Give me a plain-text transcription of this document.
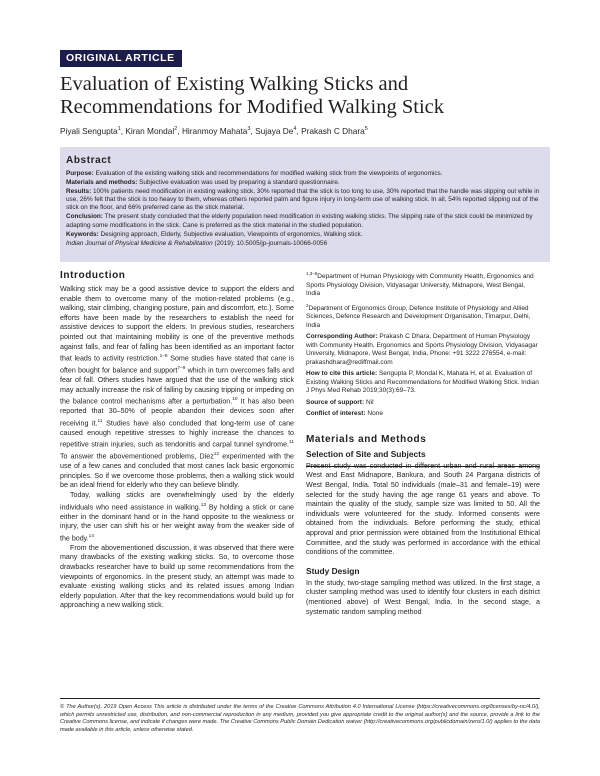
ORIGINAL ARTICLE
Evaluation of Existing Walking Sticks and Recommendations for Modified Walking Stick
Piyali Sengupta$^1$, Kiran Mondal$^2$, Hiranmoy Mahata$^3$, Sujaya De$^4$, Prakash C Dhara$^5$
Abstract

Purpose: Evaluation of the existing walking stick and recommendations for modified walking stick from the viewpoints of ergonomics.

Materials and methods: Subjective evaluation was used by preparing a standard questionnaire.

Results: 100% patients need modification in existing walking stick, 30% reported that the stick is too long to use, 30% reported that the handle was slipping out while in use, 26% felt that the stick is too heavy to them, whereas others reported palm and figure injury in long-term use of walking stick. In all, 54% reported slipping out of the stick on the floor, and 66% preferred cane as the stick material.

Conclusion: The present study concluded that the elderly population need modification in existing walking sticks. The slipping rate of the stick could be minimized by adapting some modifications in the stick. Cane is preferred as the stick material in the studied population.

Keywords: Designing approach, Elderly, Subjective evaluation, Viewpoints of ergonomics, Walking stick.

Indian Journal of Physical Medicine & Rehabilitation (2019): 10.5005/jp-journals-10066-0056

Introduction

Walking stick may be a good assistive device to support the elders and enable them to overcome many of the motion-related problems (e.g., walking, stair climbing, changing posture, pain and discomfort, etc.). Some efforts have been made by the researchers to establish the need for assistive devices to support the elders. In previous studies, researchers pointed out that maintaining mobility is one of the preventive methods against falls, and fear of falling has been identified as an important factor that leads to activity restriction.$^{1-6}$ Some studies have stated that cane is often bought for balance and support$^{7-9}$ which in turn overcomes falls and fear of fall. Others studies have argued that the use of the walking stick may actually increase the risk of falling by causing tripping or impeding on the balance control mechanisms after a perturbation.$^{10}$ It has also been reported that 30–50% of people abandon their devices soon after receiving it.$^{11}$ Studies have also concluded that long-term use of cane caused enough repetitive stresses to highly increase the chances to repetitive strain injuries, such as tendonitis and carpal tunnel syndrome.$^{11}$ To answer the abovementioned problems, Diez$^{12}$ experimented with the use of a few canes and concluded that most canes lack basic ergonomic principles. So if we overcome those problems, then a walking stick would be an ideal friend for elderly who they can believe blindly.

Today, walking sticks are overwhelmingly used by the elderly individuals who need assistance in walking.$^{13}$ By holding a stick or cane either in the dominant hand or in the hand opposite to the weakness or injury, the user can shift his or her weight away from the weaker side of the body.$^{14}$

From the abovementioned discussion, it was observed that there were many drawbacks of the existing walking sticks. So, to overcome those drawbacks researcher have to build up some recommendations from the viewpoints of ergonomics. In the present study, an attempt was made to evaluate existing walking sticks and its related issues among Indian elderly population. After that the key recommendations would build up for approaching a new walking stick.

$^{1,3-5}$Department of Human Physiology with Community Health, Ergonomics and Sports Physiology Division, Vidyasagar University, Midnapore, West Bengal, India

$^2$Department of Ergonomics Group, Defence Institute of Physiology and Allied Sciences, Defence Research and Development Organisation, Timarpur, Delhi, India

Corresponding Author: Prakash C Dhara, Department of Human Physiology with Community Health, Ergonomics and Sports Physiology Division, Vidyasagar University, Midnapore, West Bengal, India, Phone: +91 3222 276554, e-mail: prakashdhara@rediffmail.com

How to cite this article: Sengupta P, Mondal K, Mahata H, et al. Evaluation of Existing Walking Sticks and Recommendations for Modified Walking Stick. Indian J Phys Med Rehab 2019;30(3):69–73.

Source of support: Nil

Conflict of interest: None

Materials and Methods
Selection of Site and Subjects

Present study was conducted in different urban and rural areas among West and East Midnapore, Bankura, and South 24 Pargana districts of West Bengal, India. Total 50 individuals (male–31 and female–19) were selected for the study having the age range 61 years and above. To maintain the quality of the study, sample size was limited to 50. All the individuals were volunteered for the study. Informed consents were obtained from the individuals. Before performing the study, ethical approval and prior permission were obtained from the Institutional Ethical Committee, and the study was performed in accordance with the ethical conditions of the committee.

Study Design

In the study, two-stage sampling method was utilized. In the first stage, a cluster sampling method was used to identify four clusters in each district (mentioned above) of West Bengal, India. In the second stage, a systematic random sampling method

© The Author(s). 2019 Open Access This article is distributed under the terms of the Creative Commons Attribution 4.0 International License (https://creativecommons.org/licenses/by-nc/4.0/), which permits unrestricted use, distribution, and non-commercial reproduction in any medium, provided you give appropriate credit to the original author(s) and the source, provide a link to the Creative Commons license, and indicate if changes were made. The Creative Commons Public Domain Dedication waiver (http://creativecommons.org/publicdomain/zero/1.0/) applies to the data made available in this article, unless otherwise stated.
